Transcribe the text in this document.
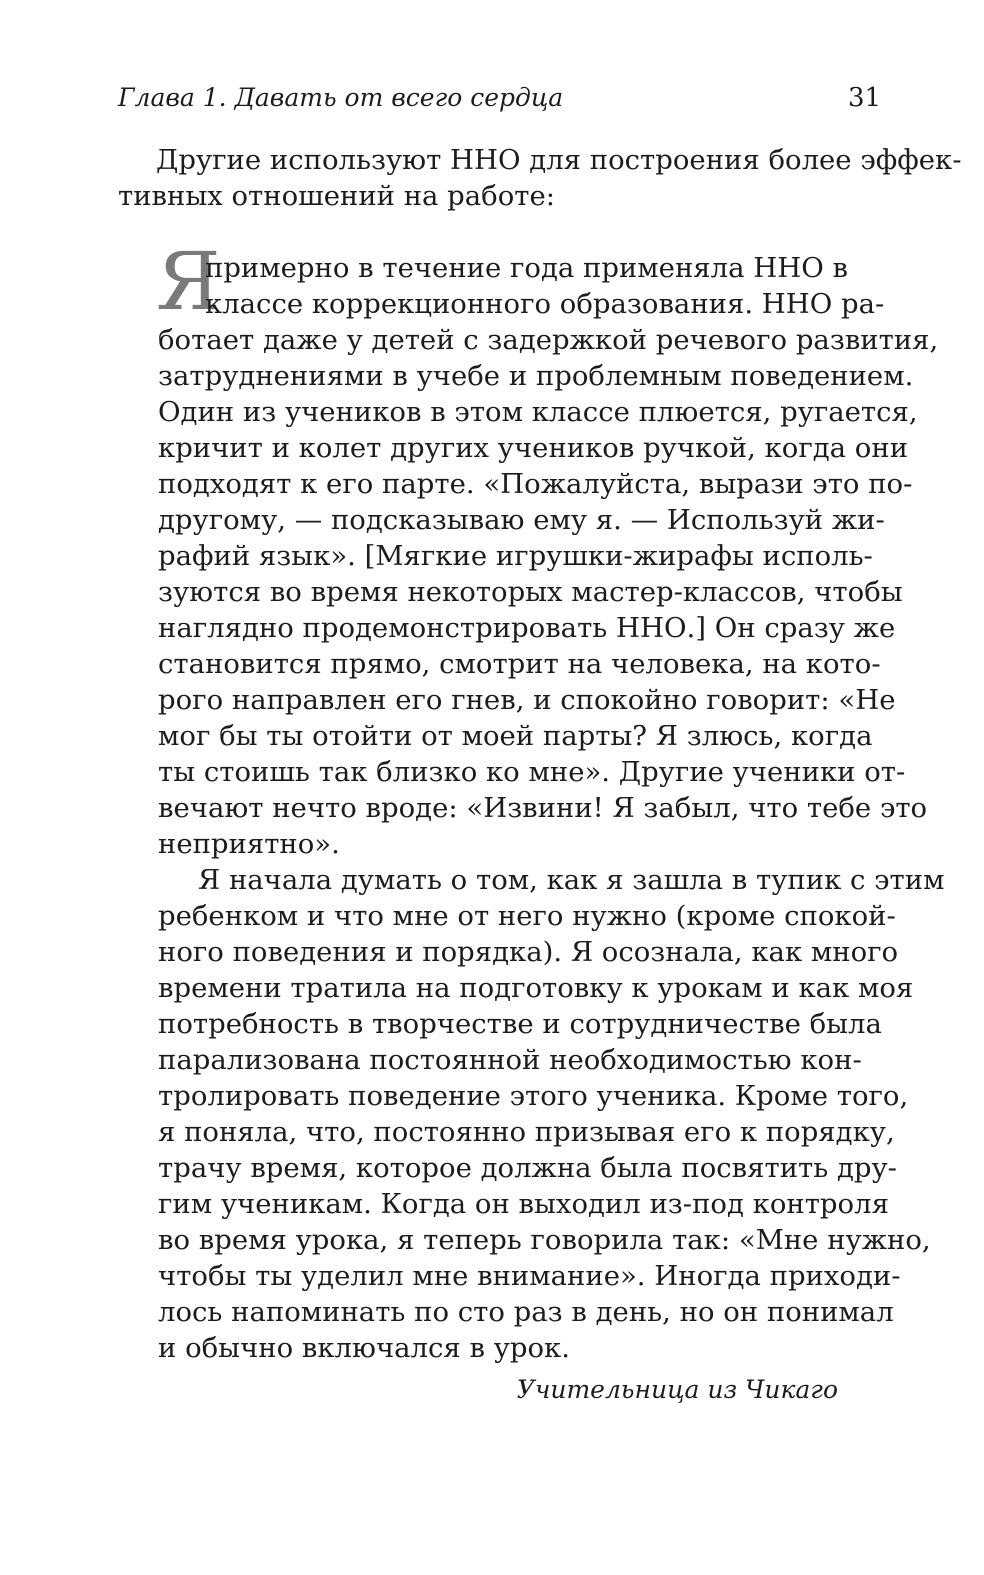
Глава 1. Давать от всего сердца	31
Другие используют ННО для построения более эффек-
тивных отношений на работе:
Я
примерно в течение года применяла ННО в
классе коррекционного образования. ННО ра-
ботает даже у детей с задержкой речевого развития,
затруднениями в учебе и проблемным поведением.
Один из учеников в этом классе плюется, ругается,
кричит и колет других учеников ручкой, когда они
подходят к его парте. «Пожалуйста, вырази это по-
другому, — подсказываю ему я. — Используй жи-
рафий язык». [Мягкие игрушки-жирафы исполь-
зуются во время некоторых мастер-классов, чтобы
наглядно продемонстрировать ННО.] Он сразу же
становится прямо, смотрит на человека, на кото-
рого направлен его гнев, и спокойно говорит: «Не
мог бы ты отойти от моей парты? Я злюсь, когда
ты стоишь так близко ко мне». Другие ученики от-
вечают нечто вроде: «Извини! Я забыл, что тебе это
неприятно».
Я начала думать о том, как я зашла в тупик с этим
ребенком и что мне от него нужно (кроме спокой-
ного поведения и порядка). Я осознала, как много
времени тратила на подготовку к урокам и как моя
потребность в творчестве и сотрудничестве была
парализована постоянной необходимостью кон-
тролировать поведение этого ученика. Кроме того,
я поняла, что, постоянно призывая его к порядку,
трачу время, которое должна была посвятить дру-
гим ученикам. Когда он выходил из-под контроля
во время урока, я теперь говорила так: «Мне нужно,
чтобы ты уделил мне внимание». Иногда приходи-
лось напоминать по сто раз в день, но он понимал
и обычно включался в урок.
Учительница из Чикаго
